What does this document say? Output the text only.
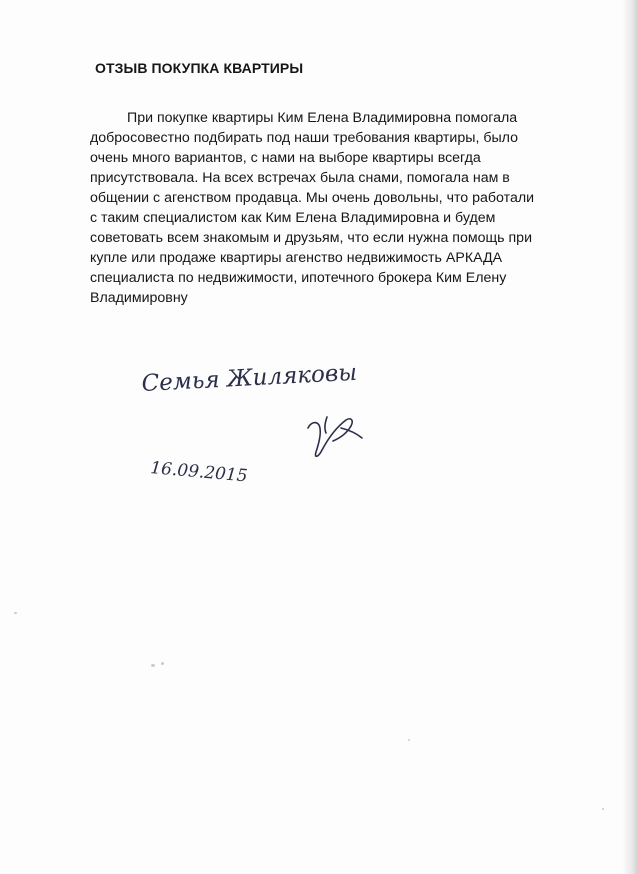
ОТЗЫВ ПОКУПКА КВАРТИРЫ

При покупке квартиры Ким Елена Владимировна помогала
добросовестно подбирать под наши требования квартиры, было
очень много вариантов, с нами на выборе квартиры всегда
присутствовала. На всех встречах была снами, помогала нам в
общении с агенством продавца. Мы очень довольны, что работали
с таким специалистом как Ким Елена Владимировна и будем
советовать всем знакомым и друзьям, что если нужна помощь при
купле или продаже квартиры агенство недвижимость АРКАДА
специалиста по недвижимости, ипотечного брокера Ким Елену
Владимировну

Семья Жиляковы
16.09.2015
